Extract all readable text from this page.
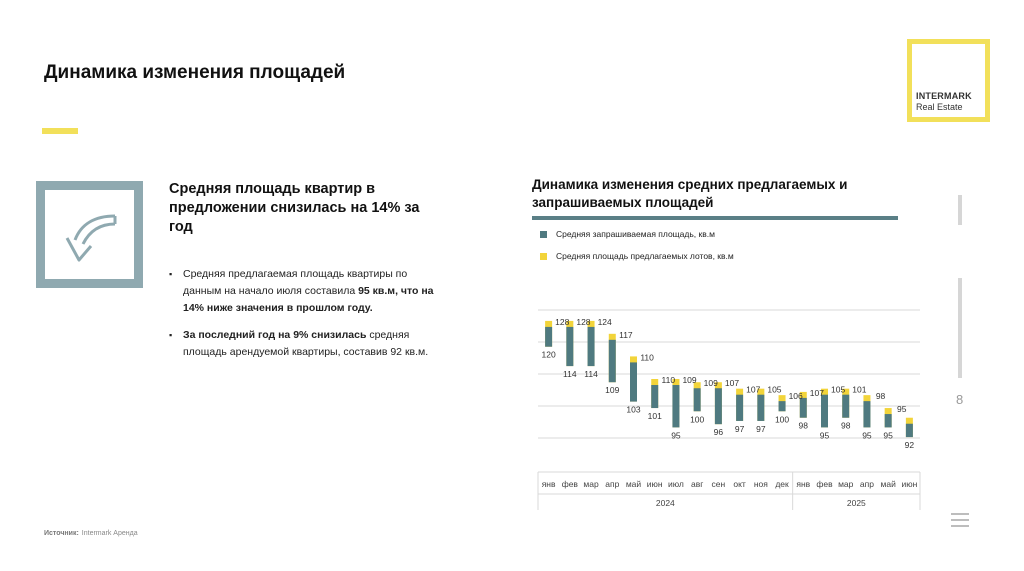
Динамика изменения площадей
INTERMARK
Real Estate
Средняя площадь квартир в предложении снизилась на 14% за год
▪ Средняя предлагаемая площадь квартиры по данным на начало июля составила 95 кв.м, что на 14% ниже значения в прошлом году.
▪ За последний год на 9% снизилась средняя площадь арендуемой квартиры, составив 92 кв.м.
Динамика изменения средних предлагаемых и запрашиваемых площадей
Средняя запрашиваемая площадь, кв.м
Средняя площадь предлагаемых лотов, кв.м
120
114 114
109
103
101
95
100
96 97 97
100
98
95
98
95 95
92
128 128 124
117
110
110 109 109 107
107 105
106 107 105 101
98
95
янв фев мар апр май июн июл авг сен окт ноя дек янв фев мар апр май июн
2024	2025
8
Источник: Intermark Аренда
